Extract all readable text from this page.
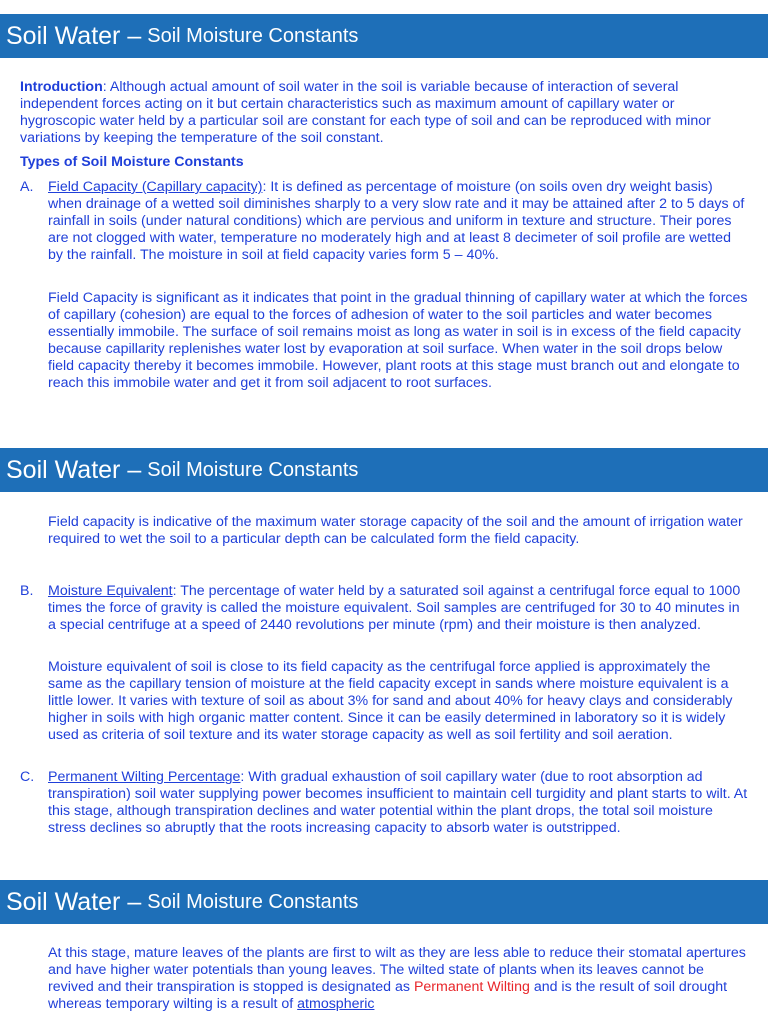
Soil Water – Soil Moisture Constants

Introduction: Although actual amount of soil water in the soil is variable because of interaction of several independent forces acting on it but certain characteristics such as maximum amount of capillary water or hygroscopic water held by a particular soil are constant for each type of soil and can be reproduced with minor variations by keeping the temperature of the soil constant.

Types of Soil Moisture Constants

A. Field Capacity (Capillary capacity): It is defined as percentage of moisture (on soils oven dry weight basis) when drainage of a wetted soil diminishes sharply to a very slow rate and it may be attained after 2 to 5 days of rainfall in soils (under natural conditions) which are pervious and uniform in texture and structure. Their pores are not clogged with water, temperature no moderately high and at least 8 decimeter of soil profile are wetted by the rainfall. The moisture in soil at field capacity varies form 5 – 40%.

Field Capacity is significant as it indicates that point in the gradual thinning of capillary water at which the forces of capillary (cohesion) are equal to the forces of adhesion of water to the soil particles and water becomes essentially immobile. The surface of soil remains moist as long as water in soil is in excess of the field capacity because capillarity replenishes water lost by evaporation at soil surface. When water in the soil drops below field capacity thereby it becomes immobile. However, plant roots at this stage must branch out and elongate to reach this immobile water and get it from soil adjacent to root surfaces.

Soil Water – Soil Moisture Constants

Field capacity is indicative of the maximum water storage capacity of the soil and the amount of irrigation water required to wet the soil to a particular depth can be calculated form the field capacity.

B. Moisture Equivalent: The percentage of water held by a saturated soil against a centrifugal force equal to 1000 times the force of gravity is called the moisture equivalent. Soil samples are centrifuged for 30 to 40 minutes in a special centrifuge at a speed of 2440 revolutions per minute (rpm) and their moisture is then analyzed.

Moisture equivalent of soil is close to its field capacity as the centrifugal force applied is approximately the same as the capillary tension of moisture at the field capacity except in sands where moisture equivalent is a little lower. It varies with texture of soil as about 3% for sand and about 40% for heavy clays and considerably higher in soils with high organic matter content. Since it can be easily determined in laboratory so it is widely used as criteria of soil texture and its water storage capacity as well as soil fertility and soil aeration.

C. Permanent Wilting Percentage: With gradual exhaustion of soil capillary water (due to root absorption ad transpiration) soil water supplying power becomes insufficient to maintain cell turgidity and plant starts to wilt. At this stage, although transpiration declines and water potential within the plant drops, the total soil moisture stress declines so abruptly that the roots increasing capacity to absorb water is outstripped.

Soil Water – Soil Moisture Constants

At this stage, mature leaves of the plants are first to wilt as they are less able to reduce their stomatal apertures and have higher water potentials than young leaves. The wilted state of plants when its leaves cannot be revived and their transpiration is stopped is designated as Permanent Wilting and is the result of soil drought whereas temporary wilting is a result of atmospheric
